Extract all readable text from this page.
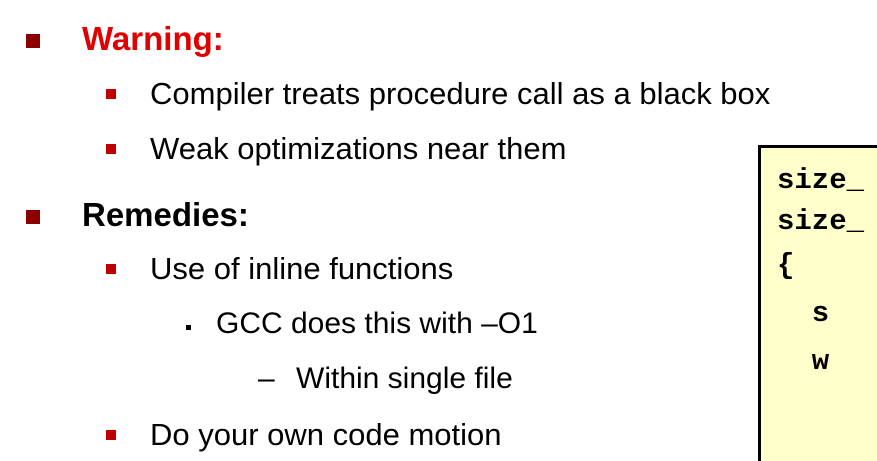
Warning:
Compiler treats procedure call as a black box
Weak optimizations near them
Remedies:
Use of inline functions
GCC does this with –O1
– Within single file
Do your own code motion
size_
size_
{
s
w
